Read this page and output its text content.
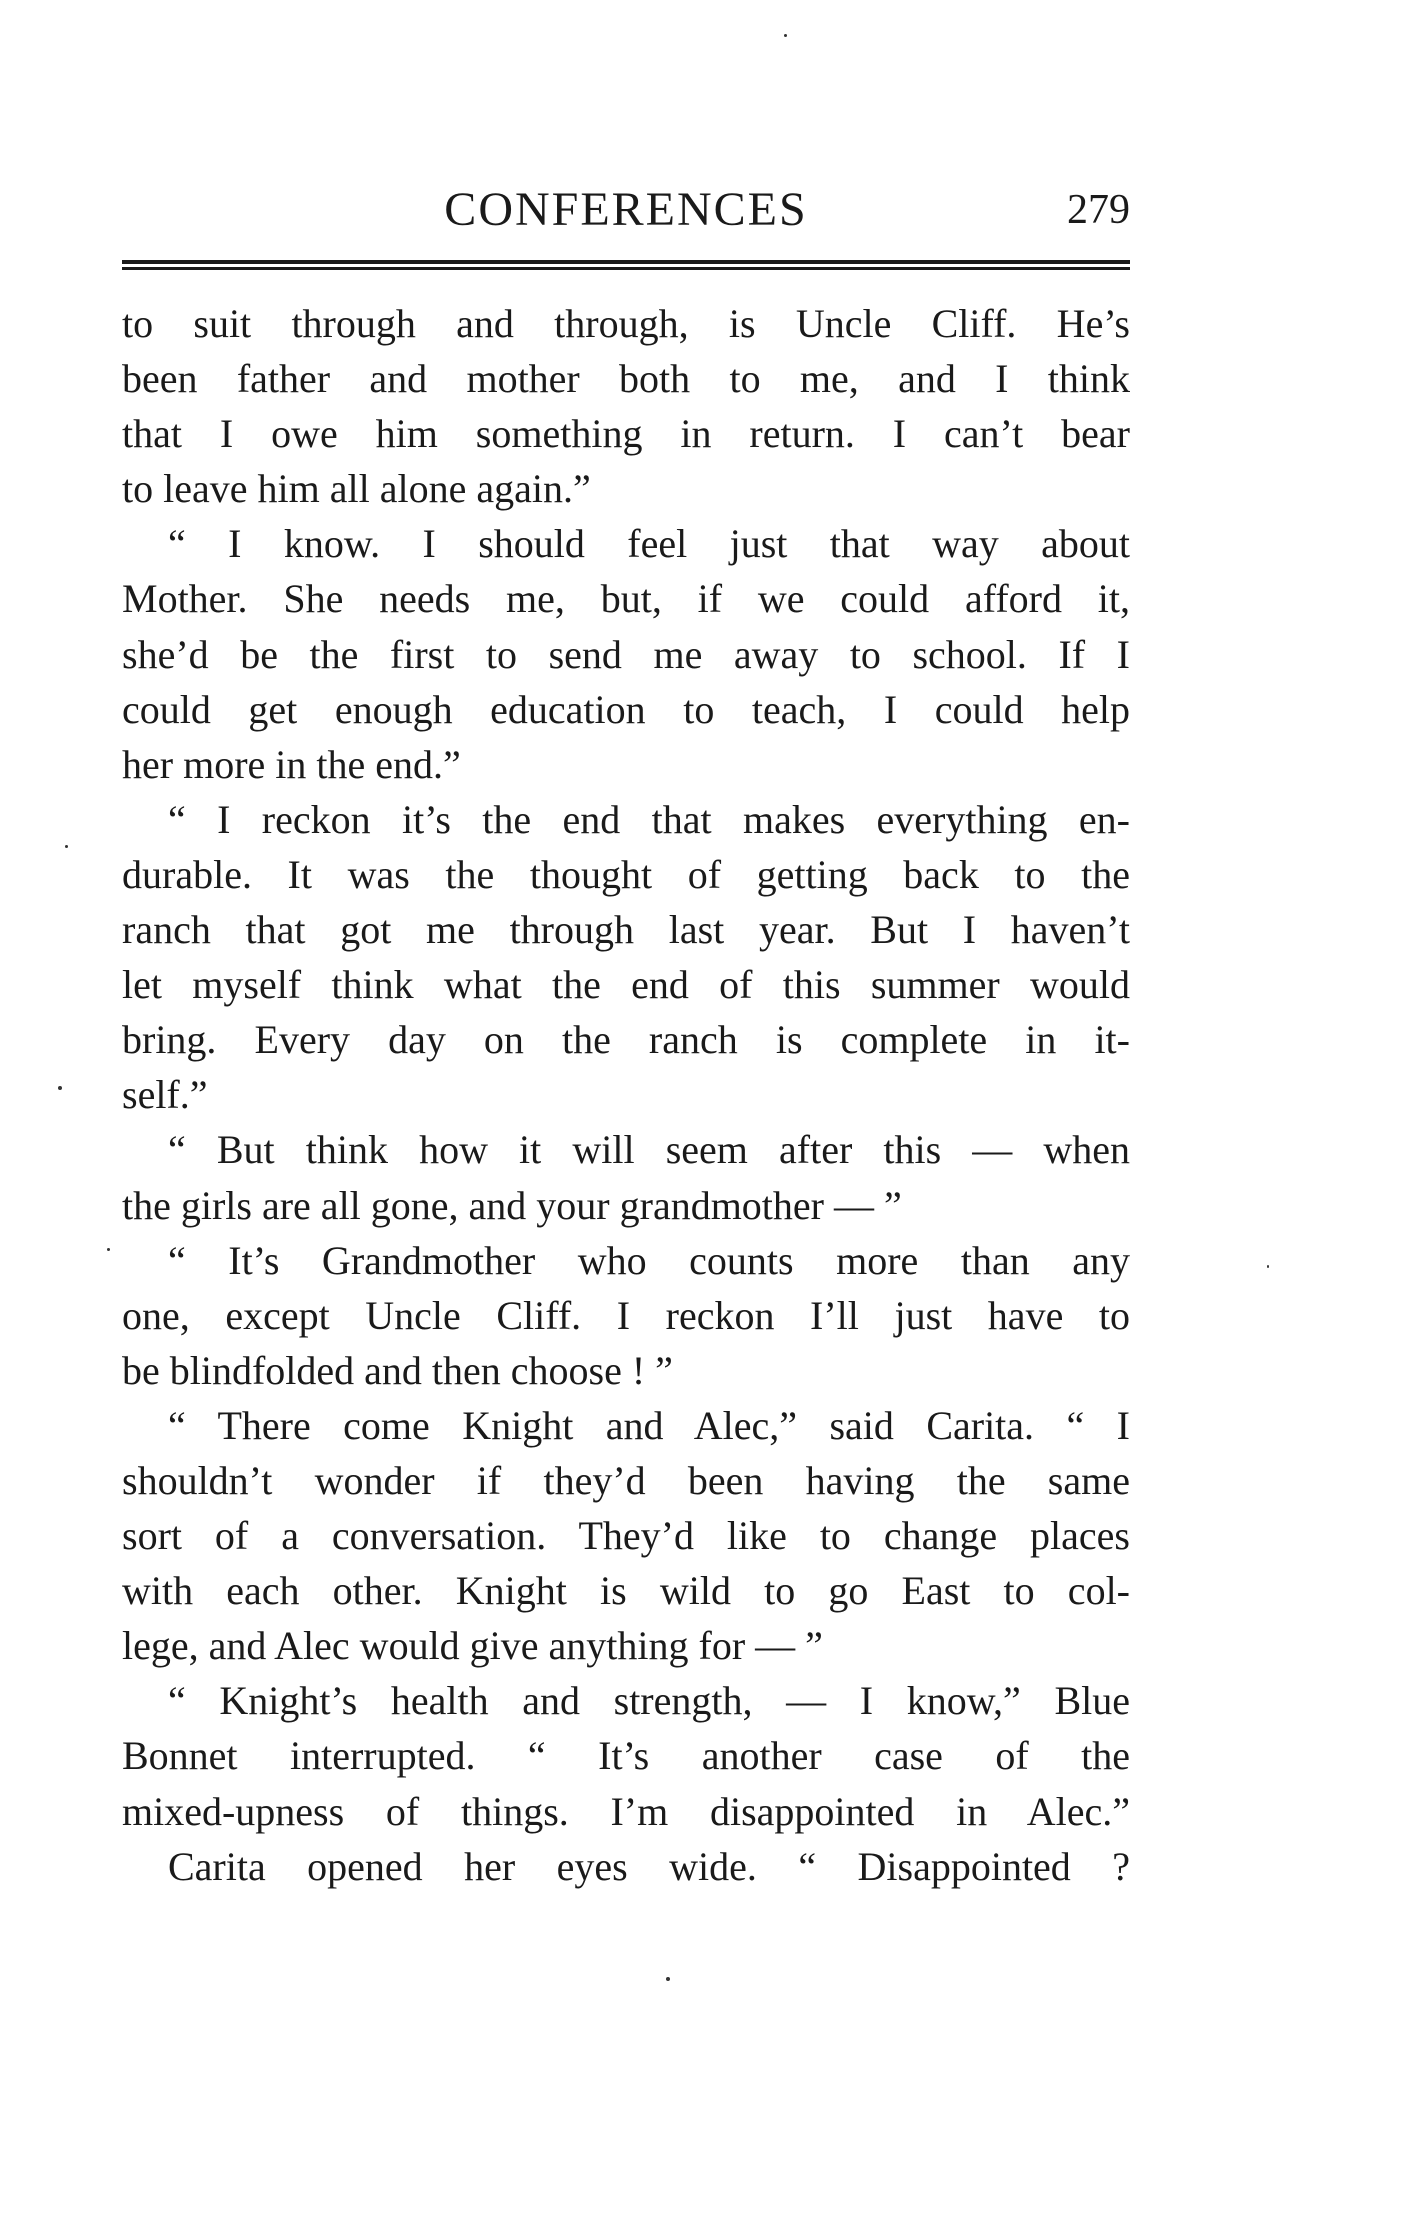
CONFERENCES	279
to suit through and through, is Uncle Cliff. He’s
been father and mother both to me, and I think
that I owe him something in return. I can’t bear
to leave him all alone again.”
“ I know. I should feel just that way about
Mother. She needs me, but, if we could afford it,
she’d be the first to send me away to school. If I
could get enough education to teach, I could help
her more in the end.”
“ I reckon it’s the end that makes everything en-
durable. It was the thought of getting back to the
ranch that got me through last year. But I haven’t
let myself think what the end of this summer would
bring. Every day on the ranch is complete in it-
self.”
“ But think how it will seem after this — when
the girls are all gone, and your grandmother — ”
“ It’s Grandmother who counts more than any
one, except Uncle Cliff. I reckon I’ll just have to
be blindfolded and then choose ! ”
“ There come Knight and Alec,” said Carita. “ I
shouldn’t wonder if they’d been having the same
sort of a conversation. They’d like to change places
with each other. Knight is wild to go East to col-
lege, and Alec would give anything for — ”
“ Knight’s health and strength, — I know,” Blue
Bonnet interrupted. “ It’s another case of the
mixed-upness of things. I’m disappointed in Alec.”
Carita opened her eyes wide. “ Disappointed ?
